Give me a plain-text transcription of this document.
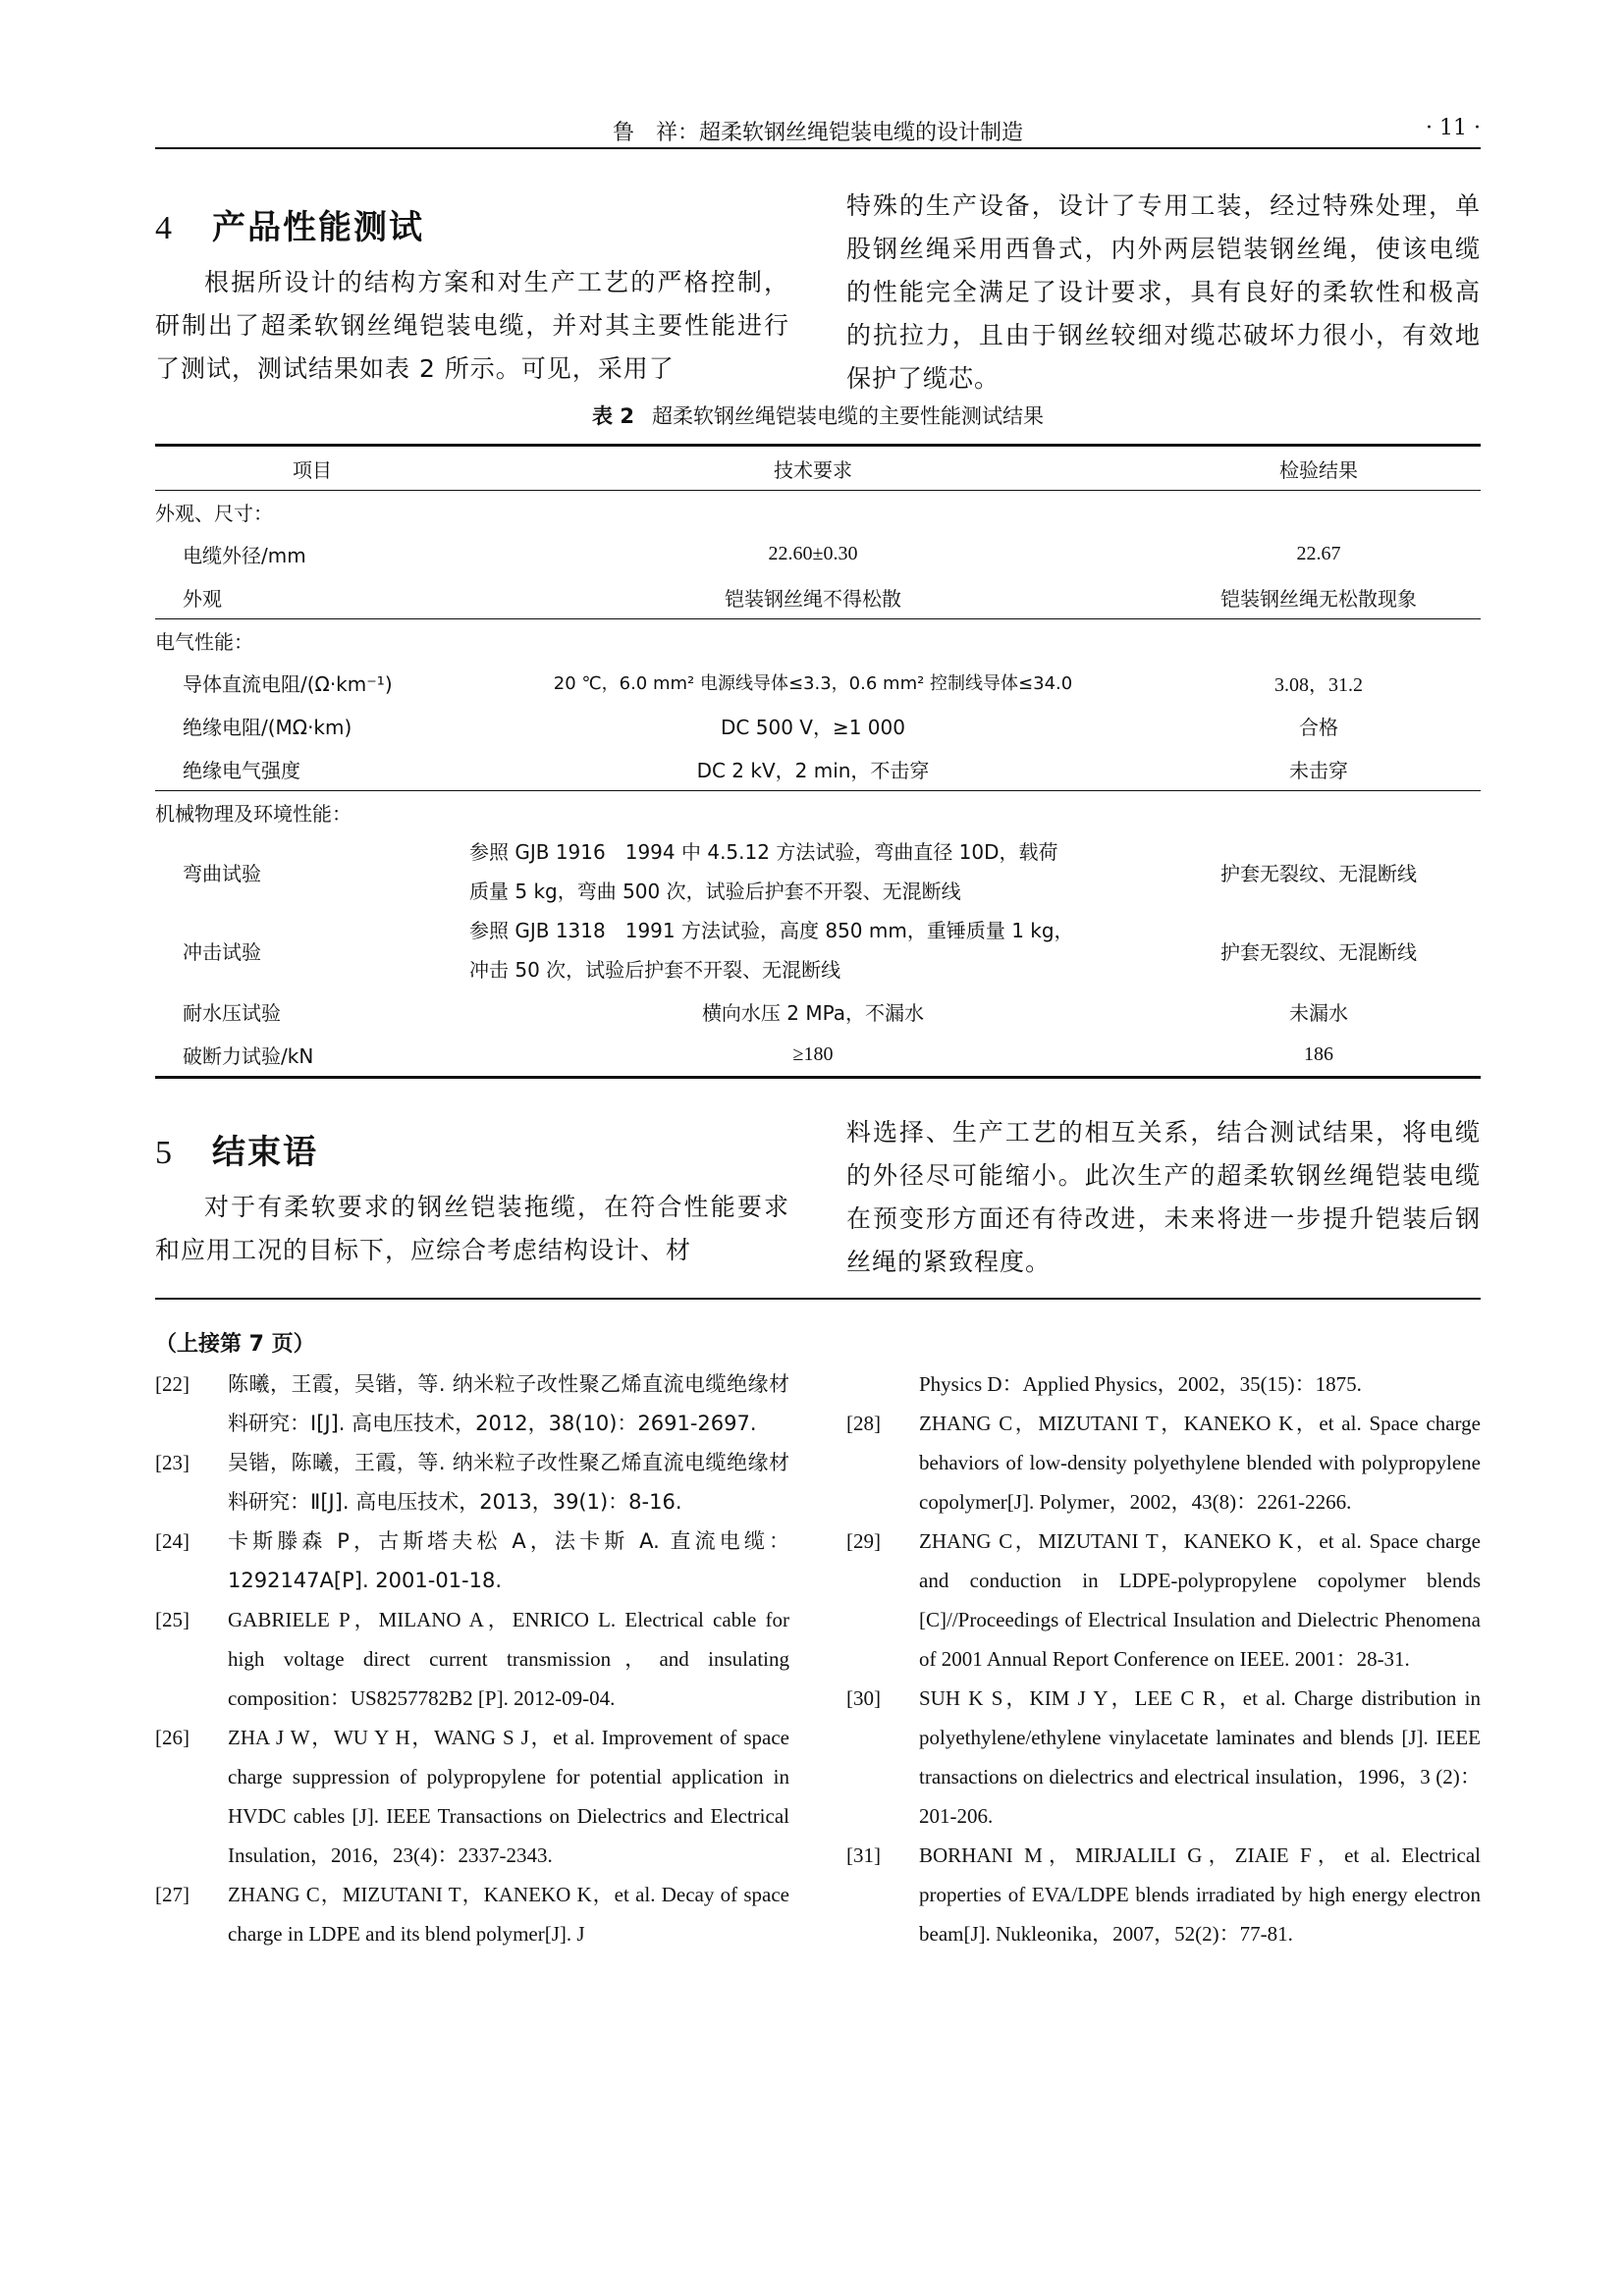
鲁　祥：超柔软钢丝绳铠装电缆的设计制造	· 11 ·
4 产品性能测试

根据所设计的结构方案和对生产工艺的严格控制，研制出了超柔软钢丝绳铠装电缆，并对其主要性能进行了测试，测试结果如表 2 所示。可见，采用了

特殊的生产设备，设计了专用工装，经过特殊处理，单股钢丝绳采用西鲁式，内外两层铠装钢丝绳，使该电缆的性能完全满足了设计要求，具有良好的柔软性和极高的抗拉力，且由于钢丝较细对缆芯破坏力很小，有效地保护了缆芯。

表 2 超柔软钢丝绳铠装电缆的主要性能测试结果
项目	技术要求	检验结果
外观、尺寸：		
电缆外径/mm	22.60±0.30	22.67
外观	铠装钢丝绳不得松散	铠装钢丝绳无松散现象
电气性能：		
导体直流电阻/(Ω·km⁻¹)	20 ℃，6.0 mm² 电源线导体≤3.3，0.6 mm² 控制线导体≤34.0	3.08，31.2
绝缘电阻/(MΩ·km)	DC 500 V，≥1 000	合格
绝缘电气强度	DC 2 kV，2 min，不击穿	未击穿
机械物理及环境性能：		
弯曲试验	参照 GJB 1916　1994 中 4.5.12 方法试验，弯曲直径 10D，载荷
质量 5 kg，弯曲 500 次，试验后护套不开裂、无混断线	护套无裂纹、无混断线
冲击试验	参照 GJB 1318　1991 方法试验，高度 850 mm，重锤质量 1 kg，
冲击 50 次，试验后护套不开裂、无混断线	护套无裂纹、无混断线
耐水压试验	横向水压 2 MPa，不漏水	未漏水
破断力试验/kN	≥180	186
5 结束语

对于有柔软要求的钢丝铠装拖缆，在符合性能要求和应用工况的目标下，应综合考虑结构设计、材

料选择、生产工艺的相互关系，结合测试结果，将电缆的外径尽可能缩小。此次生产的超柔软钢丝绳铠装电缆在预变形方面还有待改进，未来将进一步提升铠装后钢丝绳的紧致程度。

（上接第 7 页）
[22] 陈曦，王霞，吴锴，等. 纳米粒子改性聚乙烯直流电缆绝缘材料研究：Ⅰ[J]. 高电压技术，2012，38(10)：2691-2697.
[23] 吴锴，陈曦，王霞，等. 纳米粒子改性聚乙烯直流电缆绝缘材料研究：Ⅱ[J]. 高电压技术，2013，39(1)：8-16.
[24] 卡斯滕森 P，古斯塔夫松 A，法卡斯 A. 直流电缆：1292147A[P]. 2001-01-18.
[25] GABRIELE P，MILANO A，ENRICO L. Electrical cable for high voltage direct current transmission，and insulating composition：US8257782B2 [P]. 2012-09-04.
[26] ZHA J W，WU Y H，WANG S J，et al. Improvement of space charge suppression of polypropylene for potential application in HVDC cables [J]. IEEE Transactions on Dielectrics and Electrical Insulation，2016，23(4)：2337-2343.
[27] ZHANG C，MIZUTANI T，KANEKO K，et al. Decay of space charge in LDPE and its blend polymer[J]. J
Physics D：Applied Physics，2002，35(15)：1875.
[28] ZHANG C，MIZUTANI T，KANEKO K，et al. Space charge behaviors of low-density polyethylene blended with polypropylene copolymer[J]. Polymer，2002，43(8)：2261-2266.
[29] ZHANG C，MIZUTANI T，KANEKO K，et al. Space charge and conduction in LDPE-polypropylene copolymer blends [C]//Proceedings of Electrical Insulation and Dielectric Phenomena of 2001 Annual Report Conference on IEEE. 2001：28-31.
[30] SUH K S，KIM J Y，LEE C R，et al. Charge distribution in polyethylene/ethylene vinylacetate laminates and blends [J]. IEEE transactions on dielectrics and electrical insulation，1996，3 (2)：201-206.
[31] BORHANI M，MIRJALILI G，ZIAIE F，et al. Electrical properties of EVA/LDPE blends irradiated by high energy electron beam[J]. Nukleonika，2007，52(2)：77-81.
